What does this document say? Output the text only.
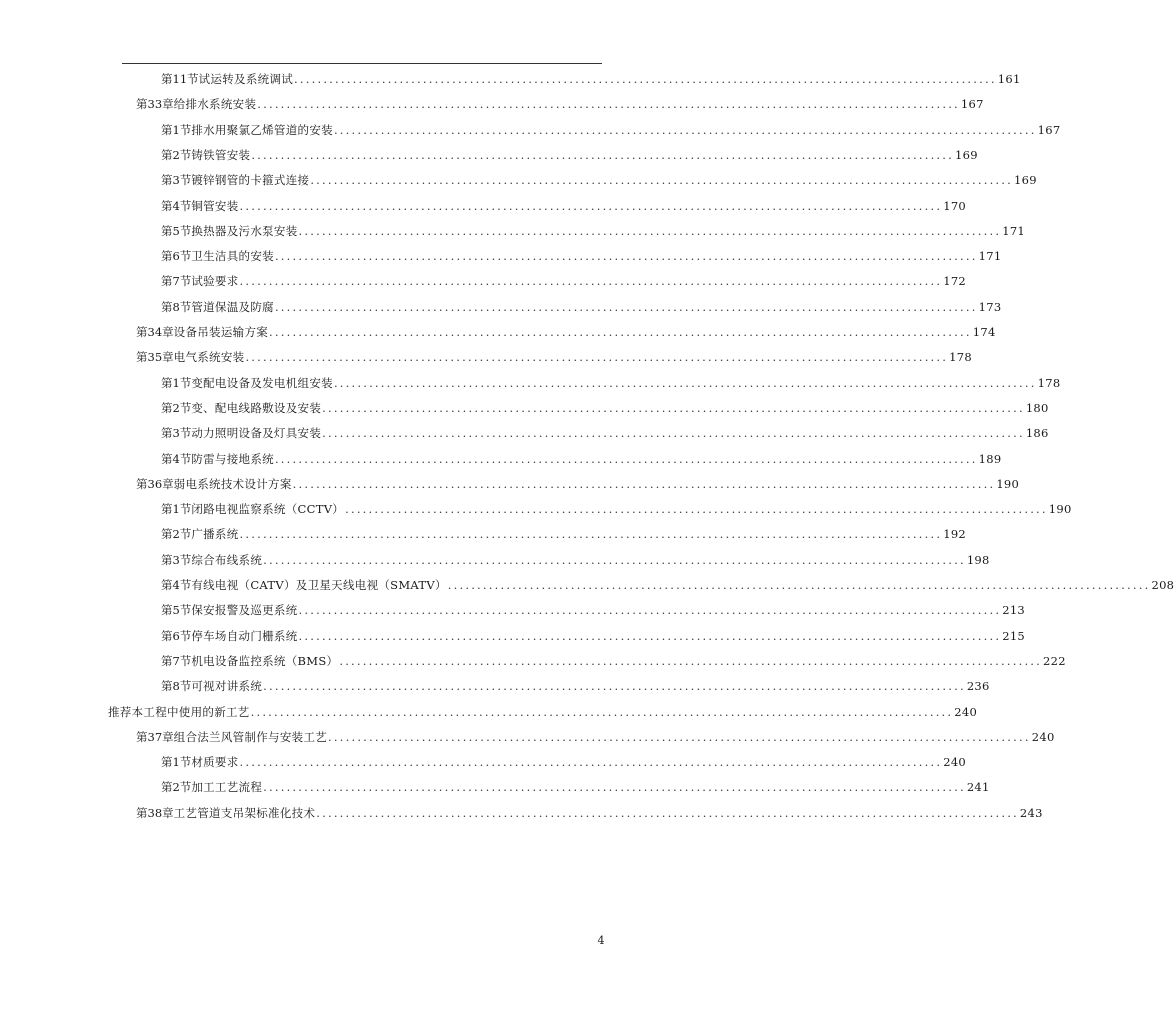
第11节 试运转及系统调试 ........................................................................................................................ 161
第33章 给排水系统安装 ........................................................................................................................ 167
第1节 排水用聚氯乙烯管道的安装 ........................................................................................................................ 167
第2节 铸铁管安装 ........................................................................................................................ 169
第3节 镀锌钢管的卡箍式连接 ........................................................................................................................ 169
第4节 铜管安装 ........................................................................................................................ 170
第5节 换热器及污水泵安装 ........................................................................................................................ 171
第6节 卫生洁具的安装 ........................................................................................................................ 171
第7节 试验要求 ........................................................................................................................ 172
第8节 管道保温及防腐 ........................................................................................................................ 173
第34章 设备吊装运输方案 ........................................................................................................................ 174
第35章 电气系统安装 ........................................................................................................................ 178
第1节 变配电设备及发电机组安装 ........................................................................................................................ 178
第2节 变、配电线路敷设及安装 ........................................................................................................................ 180
第3节 动力照明设备及灯具安装 ........................................................................................................................ 186
第4节 防雷与接地系统 ........................................................................................................................ 189
第36章 弱电系统技术设计方案 ........................................................................................................................ 190
第1节 闭路电视监察系统（CCTV） ........................................................................................................................ 190
第2节 广播系统 ........................................................................................................................ 192
第3节 综合布线系统 ........................................................................................................................ 198
第4节 有线电视（CATV）及卫星天线电视（SMATV） ........................................................................................................................ 208
第5节 保安报警及巡更系统 ........................................................................................................................ 213
第6节 停车场自动门栅系统 ........................................................................................................................ 215
第7节 机电设备监控系统（BMS） ........................................................................................................................ 222
第8节 可视对讲系统 ........................................................................................................................ 236
推荐本工程中使用的新工艺 ........................................................................................................................ 240
第37章 组合法兰风管制作与安装工艺 ........................................................................................................................ 240
第1节 材质要求 ........................................................................................................................ 240
第2节 加工工艺流程 ........................................................................................................................ 241
第38章 工艺管道支吊架标准化技术 ........................................................................................................................ 243
4
